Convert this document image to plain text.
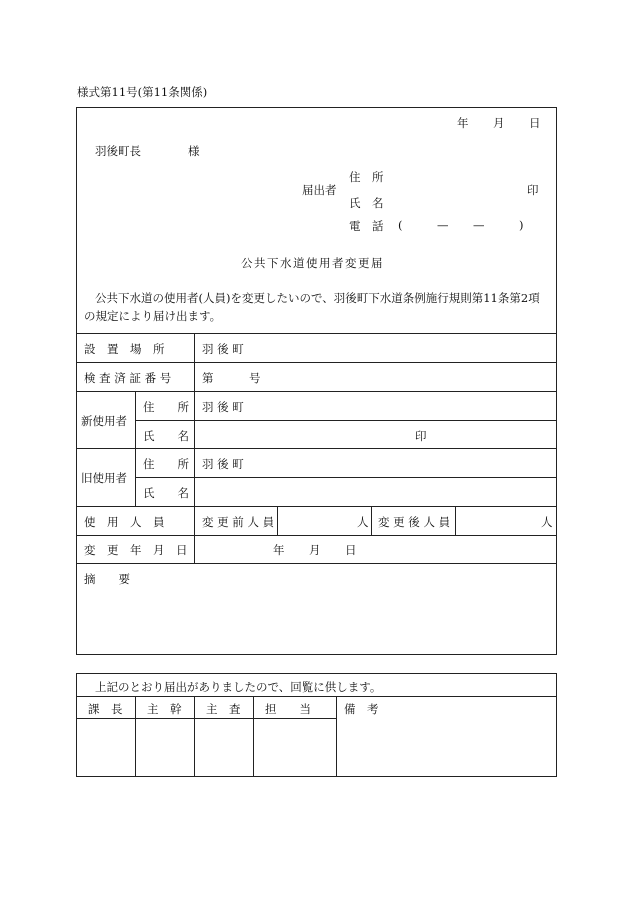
様式第11号(第11条関係)
年 月 日
羽後町長	様
住　所
届出者
氏　名
印
電　話 (	— —	)
公共下水道使用者変更届
公共下水道の使用者(人員)を変更したいので、羽後町下水道条例施行規則第11条第2項
の規定により届け出ます。
設　置　場　所	羽 後 町
検 査 済 証 番 号	第	号
新使用者
住　　所 羽 後 町
氏　　名	印
旧使用者
住　　所 羽 後 町
氏　　名
使　用　人　員	変 更 前 人 員	人 変 更 後 人 員	人
変　更　年　月　日	年 月 日
摘　　要
上記のとおり届出がありましたので、回覧に供します。
課　長 主　幹 主　査 担　　当	備　考
